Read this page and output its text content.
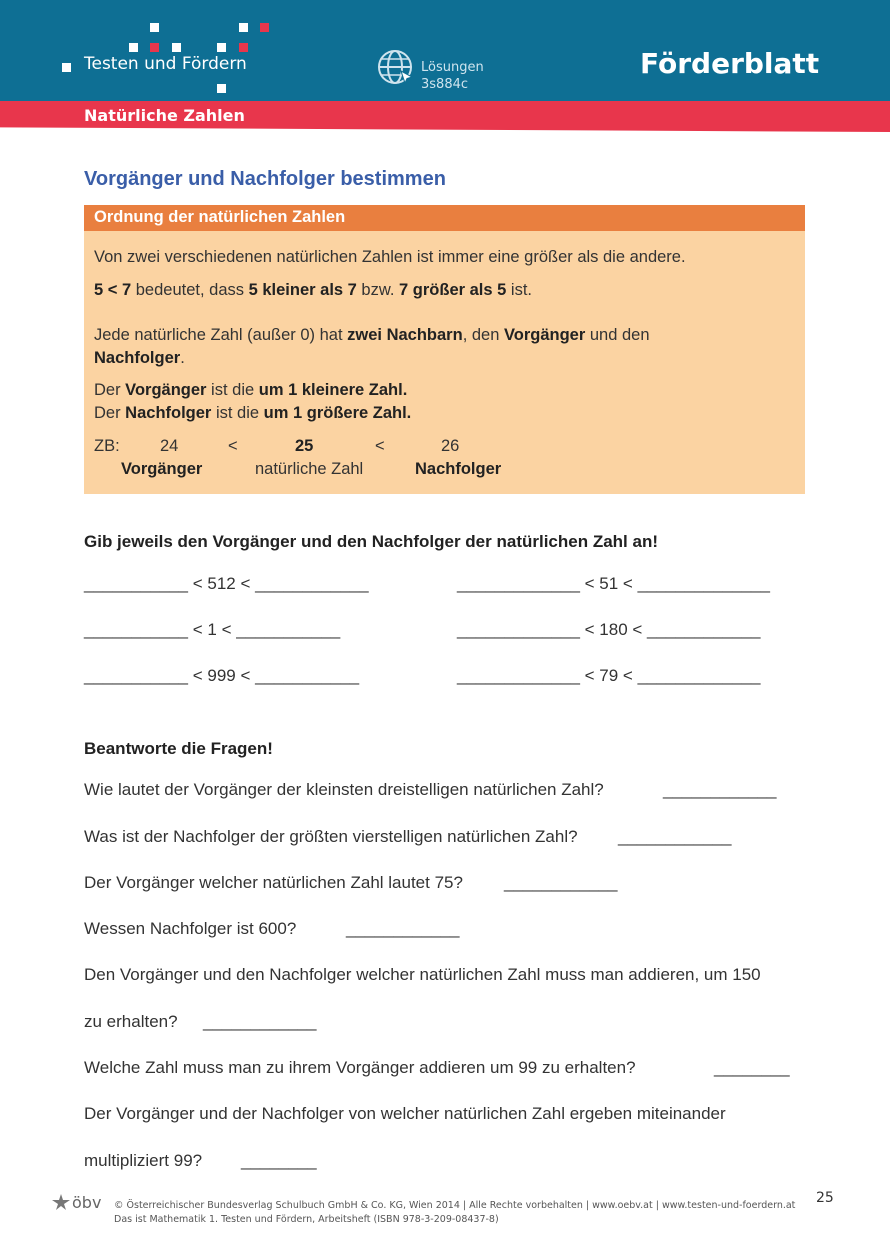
Testen und Fördern	Lösungen
3s884c
Förderblatt
Natürliche Zahlen
Vorgänger und Nachfolger bestimmen
Ordnung der natürlichen Zahlen
Von zwei verschiedenen natürlichen Zahlen ist immer eine größer als die andere.
5 < 7 bedeutet, dass 5 kleiner als 7 bzw. 7 größer als 5 ist.
Jede natürliche Zahl (außer 0) hat zwei Nachbarn, den Vorgänger und den
Nachfolger.
Der Vorgänger ist die um 1 kleinere Zahl.
Der Nachfolger ist die um 1 größere Zahl.
ZB: 24	<	25	<	26
Vorgänger	natürliche Zahl	Nachfolger
Gib jeweils den Vorgänger und den Nachfolger der natürlichen Zahl an!
___________ < 512 < ____________	_____________ < 51 < ______________
___________ < 1 < ___________	_____________ < 180 < ____________
___________ < 999 < ___________	_____________ < 79 < _____________
Beantworte die Fragen!
Wie lautet der Vorgänger der kleinsten dreistelligen natürlichen Zahl?	____________
Was ist der Nachfolger der größten vierstelligen natürlichen Zahl? ____________
Der Vorgänger welcher natürlichen Zahl lautet 75? ____________
Wessen Nachfolger ist 600?	____________
Den Vorgänger und den Nachfolger welcher natürlichen Zahl muss man addieren, um 150
zu erhalten? ____________
Welche Zahl muss man zu ihrem Vorgänger addieren um 99 zu erhalten?	________
Der Vorgänger und der Nachfolger von welcher natürlichen Zahl ergeben miteinander
multipliziert 99? ________
öbv © Österreichischer Bundesverlag Schulbuch GmbH & Co. KG, Wien 2014 | Alle Rechte vorbehalten | www.oebv.at | www.testen-und-foerdern.at
Das ist Mathematik 1. Testen und Fördern, Arbeitsheft (ISBN 978-3-209-08437-8)
25
